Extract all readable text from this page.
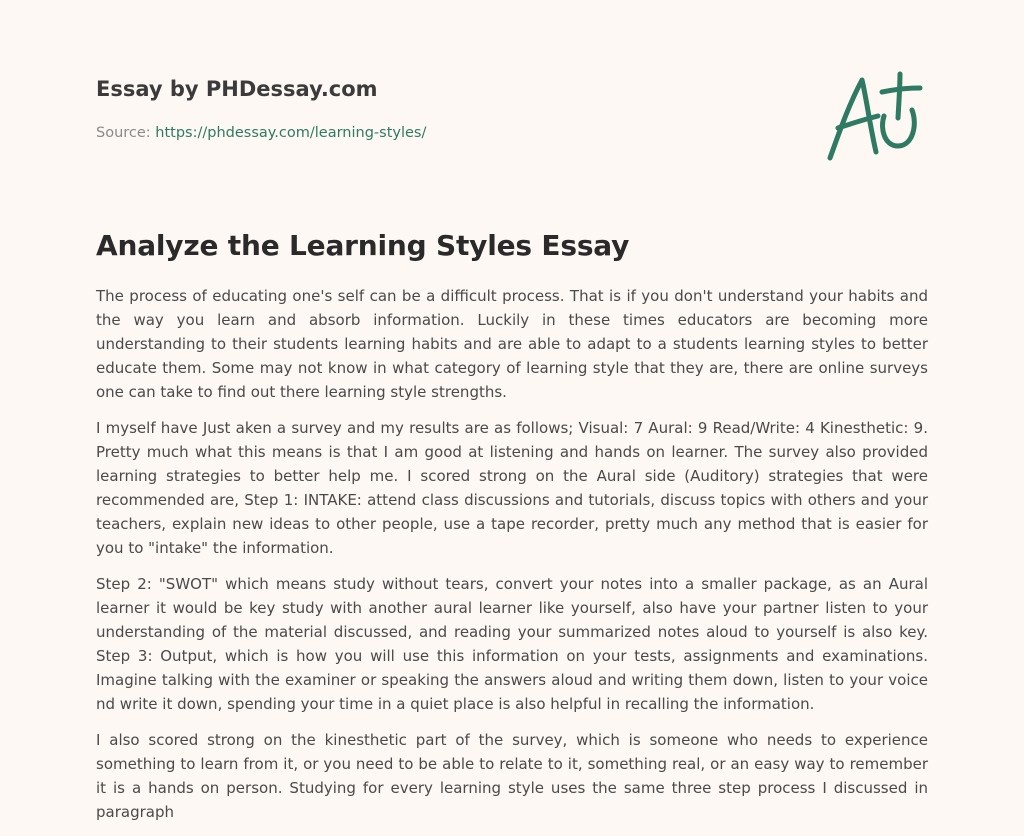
Essay by PHDessay.com
Source: https://phdessay.com/learning-styles/
Analyze the Learning Styles Essay

The process of educating one's self can be a difficult process. That is if you don't understand your habits and the way you learn and absorb information. Luckily in these times educators are becoming more understanding to their students learning habits and are able to adapt to a students learning styles to better educate them. Some may not know in what category of learning style that they are, there are online surveys one can take to find out there learning style strengths.

I myself have Just aken a survey and my results are as follows; Visual: 7 Aural: 9 Read/Write: 4 Kinesthetic: 9. Pretty much what this means is that I am good at listening and hands on learner. The survey also provided learning strategies to better help me. I scored strong on the Aural side (Auditory) strategies that were recommended are, Step 1: INTAKE: attend class discussions and tutorials, discuss topics with others and your teachers, explain new ideas to other people, use a tape recorder, pretty much any method that is easier for you to "intake" the information.

Step 2: "SWOT" which means study without tears, convert your notes into a smaller package, as an Aural learner it would be key study with another aural learner like yourself, also have your partner listen to your understanding of the material discussed, and reading your summarized notes aloud to yourself is also key. Step 3: Output, which is how you will use this information on your tests, assignments and examinations. Imagine talking with the examiner or speaking the answers aloud and writing them down, listen to your voice nd write it down, spending your time in a quiet place is also helpful in recalling the information.

I also scored strong on the kinesthetic part of the survey, which is someone who needs to experience something to learn from it, or you need to be able to relate to it, something real, or an easy way to remember it is a hands on person. Studying for every learning style uses the same three step process I discussed in paragraph
